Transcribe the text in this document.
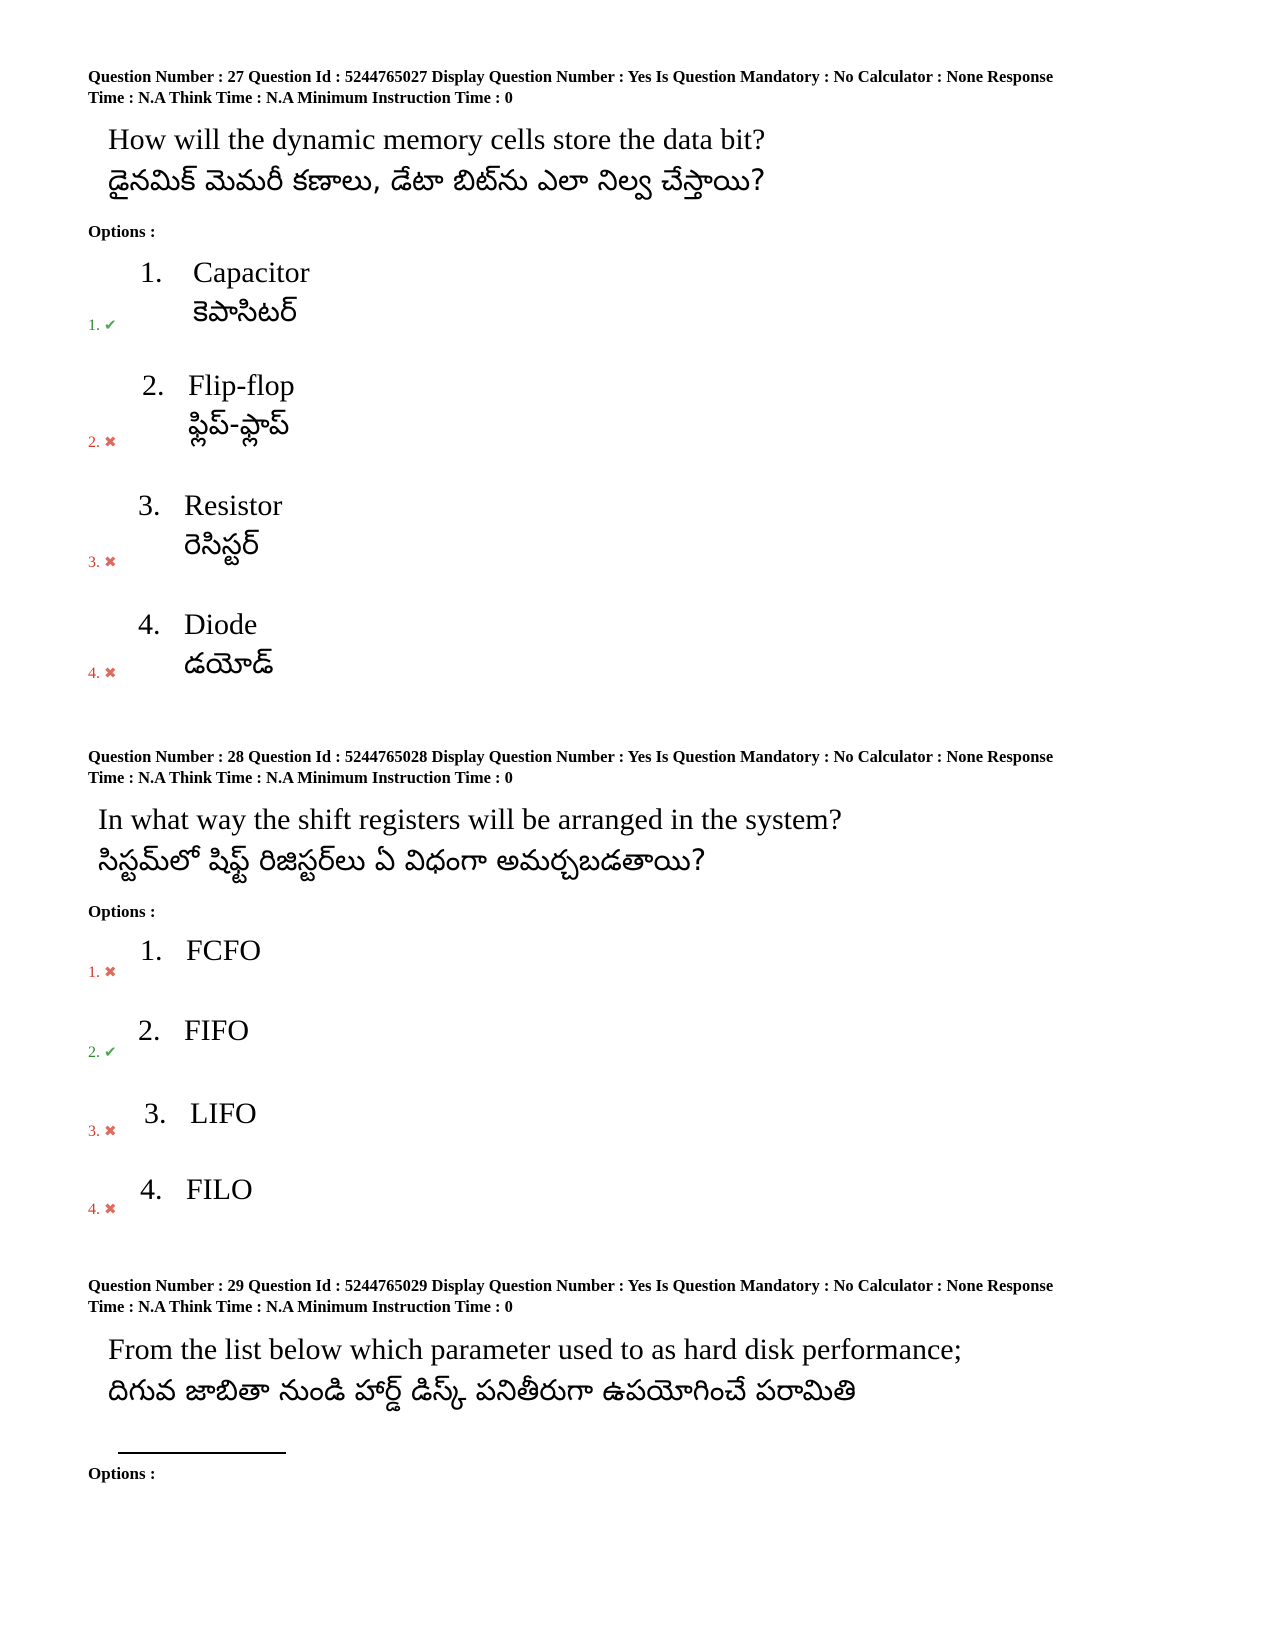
Question Number : 27 Question Id : 5244765027 Display Question Number : Yes Is Question Mandatory : No Calculator : None Response
Time : N.A Think Time : N.A Minimum Instruction Time : 0
How will the dynamic memory cells store the data bit?
డైనమిక్ మెమరీ కణాలు, డేటా బిట్‌ను ఎలా నిల్వ చేస్తాయి?
Options :
1. ✔
1. Capacitor
కెపాసిటర్
2. ✖
2. Flip-flop
ఫ్లిప్-ఫ్లాప్
3. ✖
3. Resistor
రెసిస్టర్
4. ✖
4. Diode
డయోడ్
Question Number : 28 Question Id : 5244765028 Display Question Number : Yes Is Question Mandatory : No Calculator : None Response
Time : N.A Think Time : N.A Minimum Instruction Time : 0
In what way the shift registers will be arranged in the system?
సిస్టమ్‌లో షిఫ్ట్ రిజిస్టర్‌లు ఏ విధంగా అమర్చబడతాయి?
Options :
1. ✖
1. FCFO
2. ✔
2. FIFO
3. ✖
3. LIFO
4. ✖
4. FILO
Question Number : 29 Question Id : 5244765029 Display Question Number : Yes Is Question Mandatory : No Calculator : None Response
Time : N.A Think Time : N.A Minimum Instruction Time : 0
From the list below which parameter used to as hard disk performance;
దిగువ జాబితా నుండి హార్డ్ డిస్క్ పనితీరుగా ఉపయోగించే పరామితి
Options :
